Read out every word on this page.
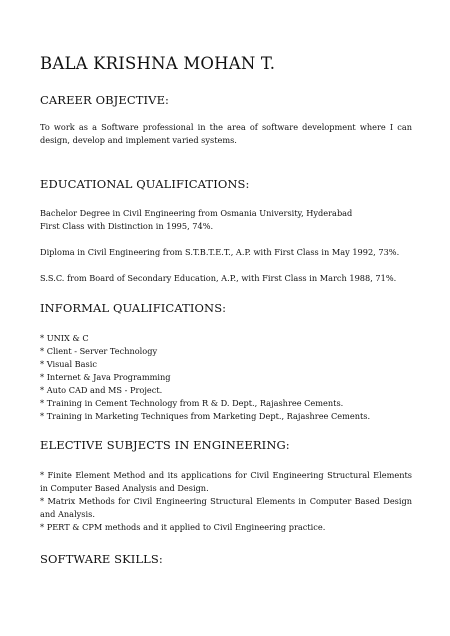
BALA KRISHNA MOHAN T.
CAREER OBJECTIVE:

To work as a Software professional in the area of software development where I can design, develop and implement varied systems.

EDUCATIONAL QUALIFICATIONS:

Bachelor Degree in Civil Engineering from Osmania University, Hyderabad

First Class with Distinction in 1995, 74%.

Diploma in Civil Engineering from S.T.B.T.E.T., A.P. with First Class in May 1992, 73%.

S.S.C. from Board of Secondary Education, A.P., with First Class in March 1988, 71%.

INFORMAL QUALIFICATIONS:
* UNIX & C
* Client - Server Technology
* Visual Basic
* Internet & Java Programming
* Auto CAD and MS - Project.
* Training in Cement Technology from R & D. Dept., Rajashree Cements.
* Training in Marketing Techniques from Marketing Dept., Rajashree Cements.
ELECTIVE SUBJECTS IN ENGINEERING:

* Finite Element Method and its applications for Civil Engineering Structural Elements in Computer Based Analysis and Design.

* Matrix Methods for Civil Engineering Structural Elements in Computer Based Design and Analysis.

* PERT & CPM methods and it applied to Civil Engineering practice.

SOFTWARE SKILLS:
